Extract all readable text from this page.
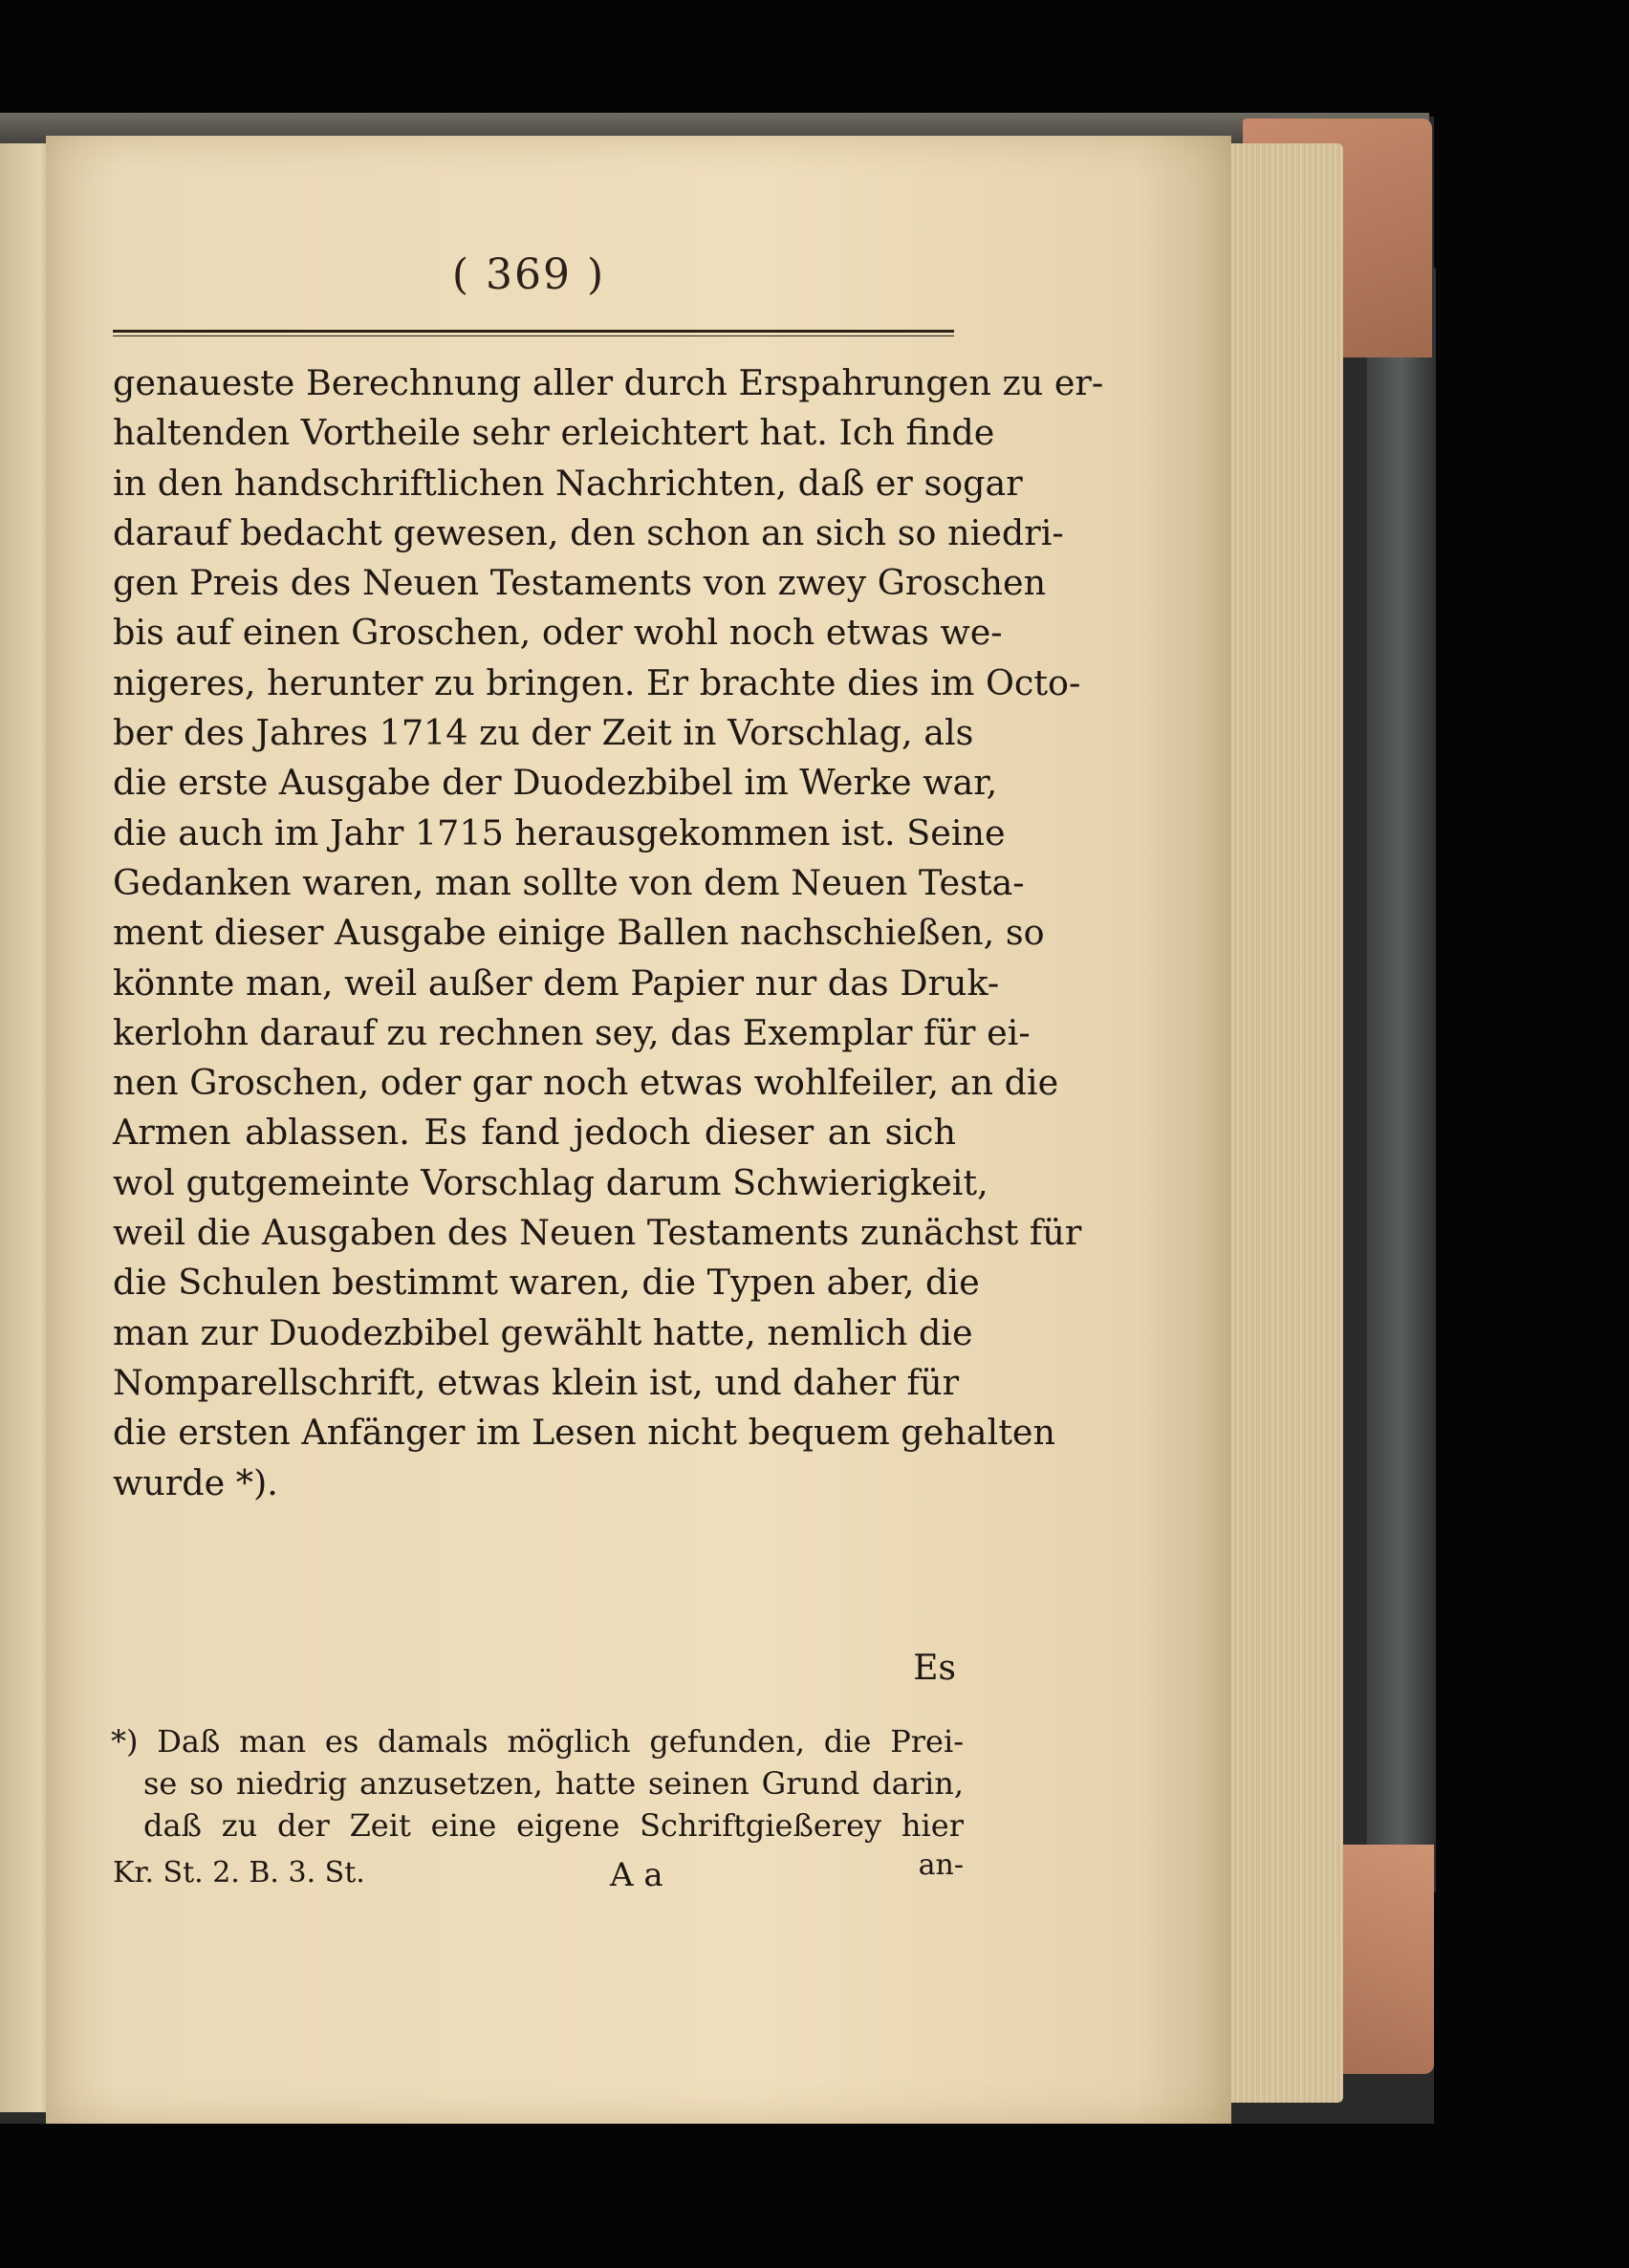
( 369 )
genaueste Berechnung aller durch Erspahrungen zu er-
haltenden Vortheile sehr erleichtert hat. Ich finde
in den handschriftlichen Nachrichten, daß er sogar
darauf bedacht gewesen, den schon an sich so niedri-
gen Preis des Neuen Testaments von zwey Groschen
bis auf einen Groschen, oder wohl noch etwas we-
nigeres, herunter zu bringen. Er brachte dies im Octo-
ber des Jahres 1714 zu der Zeit in Vorschlag, als
die erste Ausgabe der Duodezbibel im Werke war,
die auch im Jahr 1715 herausgekommen ist. Seine
Gedanken waren, man sollte von dem Neuen Testa-
ment dieser Ausgabe einige Ballen nachschießen, so
könnte man, weil außer dem Papier nur das Druk-
kerlohn darauf zu rechnen sey, das Exemplar für ei-
nen Groschen, oder gar noch etwas wohlfeiler, an die
Armen ablassen. Es fand jedoch dieser an sich
wol gutgemeinte Vorschlag darum Schwierigkeit,
weil die Ausgaben des Neuen Testaments zunächst für
die Schulen bestimmt waren, die Typen aber, die
man zur Duodezbibel gewählt hatte, nemlich die
Nomparellschrift, etwas klein ist, und daher für
die ersten Anfänger im Lesen nicht bequem gehalten
wurde *).
Es
*) Daß man es damals möglich gefunden, die Prei-
se so niedrig anzusetzen, hatte seinen Grund darin,
daß zu der Zeit eine eigene Schriftgießerey hier
Kr. St. 2. B. 3. St.	A a	an-
